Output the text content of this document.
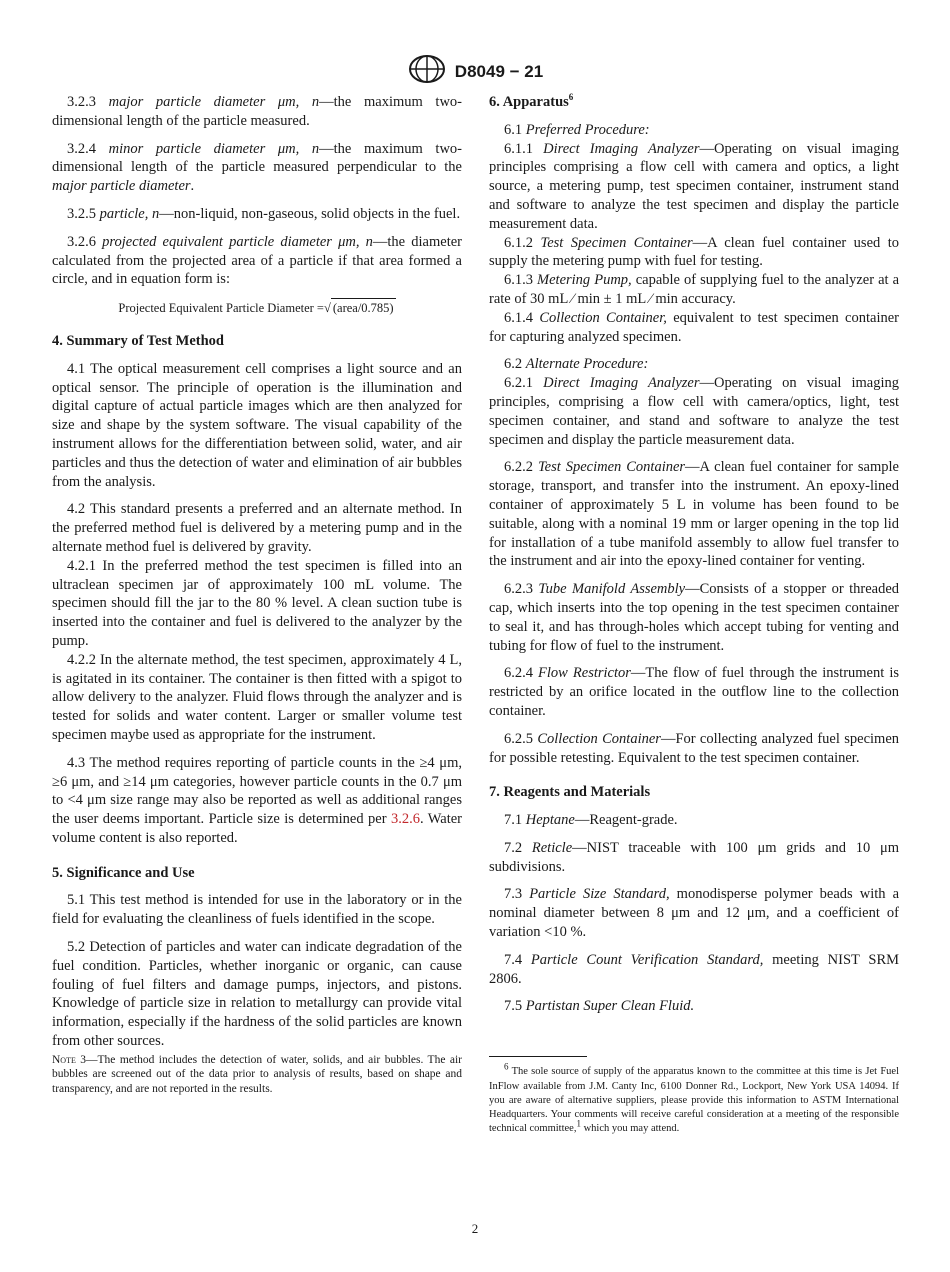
D8049 − 21

3.2.3 major particle diameter μm, n—the maximum two-dimensional length of the particle measured.

3.2.4 minor particle diameter μm, n—the maximum two-dimensional length of the particle measured perpendicular to the major particle diameter.

3.2.5 particle, n—non-liquid, non-gaseous, solid objects in the fuel.

3.2.6 projected equivalent particle diameter μm, n—the diameter calculated from the projected area of a particle if that area formed a circle, and in equation form is:

Projected Equivalent Particle Diameter =√ (area/0.785)

4. Summary of Test Method

4.1 The optical measurement cell comprises a light source and an optical sensor. The principle of operation is the illumination and digital capture of actual particle images which are then analyzed for size and shape by the system software. The visual capability of the instrument allows for the differentiation between solid, water, and air particles and thus the detection of water and elimination of air bubbles from the analysis.

4.2 This standard presents a preferred and an alternate method. In the preferred method fuel is delivered by a metering pump and in the alternate method fuel is delivered by gravity.

4.2.1 In the preferred method the test specimen is filled into an ultraclean specimen jar of approximately 100 mL volume. The specimen should fill the jar to the 80 % level. A clean suction tube is inserted into the container and fuel is delivered to the analyzer by the pump.

4.2.2 In the alternate method, the test specimen, approximately 4 L, is agitated in its container. The container is then fitted with a spigot to allow delivery to the analyzer. Fluid flows through the analyzer and is tested for solids and water content. Larger or smaller volume test specimen maybe used as appropriate for the instrument.

4.3 The method requires reporting of particle counts in the ≥4 μm, ≥6 μm, and ≥14 μm categories, however particle counts in the 0.7 μm to <4 μm size range may also be reported as well as additional ranges the user deems important. Particle size is determined per 3.2.6. Water volume content is also reported.

5. Significance and Use

5.1 This test method is intended for use in the laboratory or in the field for evaluating the cleanliness of fuels identified in the scope.

5.2 Detection of particles and water can indicate degradation of the fuel condition. Particles, whether inorganic or organic, can cause fouling of fuel filters and damage pumps, injectors, and pistons. Knowledge of particle size in relation to metallurgy can provide vital information, especially if the hardness of the solid particles are known from other sources.

Note 3—The method includes the detection of water, solids, and air bubbles. The air bubbles are screened out of the data prior to analysis of results, based on shape and transparency, and are not reported in the results.

6. Apparatus$^6$

6.1 Preferred Procedure:

6.1.1 Direct Imaging Analyzer—Operating on visual imaging principles comprising a flow cell with camera and optics, a light source, a metering pump, test specimen container, instrument stand and software to analyze the test specimen and display the particle measurement data.

6.1.2 Test Specimen Container—A clean fuel container used to supply the metering pump with fuel for testing.

6.1.3 Metering Pump, capable of supplying fuel to the analyzer at a rate of 30 mL ⁄ min ± 1 mL ⁄ min accuracy.

6.1.4 Collection Container, equivalent to test specimen container for capturing analyzed specimen.

6.2 Alternate Procedure:

6.2.1 Direct Imaging Analyzer—Operating on visual imaging principles, comprising a flow cell with camera/optics, light, test specimen container, and stand and software to analyze the test specimen and display the particle measurement data.

6.2.2 Test Specimen Container—A clean fuel container for sample storage, transport, and transfer into the instrument. An epoxy-lined container of approximately 5 L in volume has been found to be suitable, along with a nominal 19 mm or larger opening in the top lid for installation of a tube manifold assembly to allow fuel transfer to the instrument and air into the epoxy-lined container for venting.

6.2.3 Tube Manifold Assembly—Consists of a stopper or threaded cap, which inserts into the top opening in the test specimen container to seal it, and has through-holes which accept tubing for venting and tubing for flow of fuel to the instrument.

6.2.4 Flow Restrictor—The flow of fuel through the instrument is restricted by an orifice located in the outflow line to the collection container.

6.2.5 Collection Container—For collecting analyzed fuel specimen for possible retesting. Equivalent to the test specimen container.

7. Reagents and Materials

7.1 Heptane—Reagent-grade.

7.2 Reticle—NIST traceable with 100 μm grids and 10 μm subdivisions.

7.3 Particle Size Standard, monodisperse polymer beads with a nominal diameter between 8 μm and 12 μm, and a coefficient of variation <10 %.

7.4 Particle Count Verification Standard, meeting NIST SRM 2806.

7.5 Partistan Super Clean Fluid.

$^6$ The sole source of supply of the apparatus known to the committee at this time is Jet Fuel InFlow available from J.M. Canty Inc, 6100 Donner Rd., Lockport, New York USA 14094. If you are aware of alternative suppliers, please provide this information to ASTM International Headquarters. Your comments will receive careful consideration at a meeting of the responsible technical committee,$^1$ which you may attend.

2
